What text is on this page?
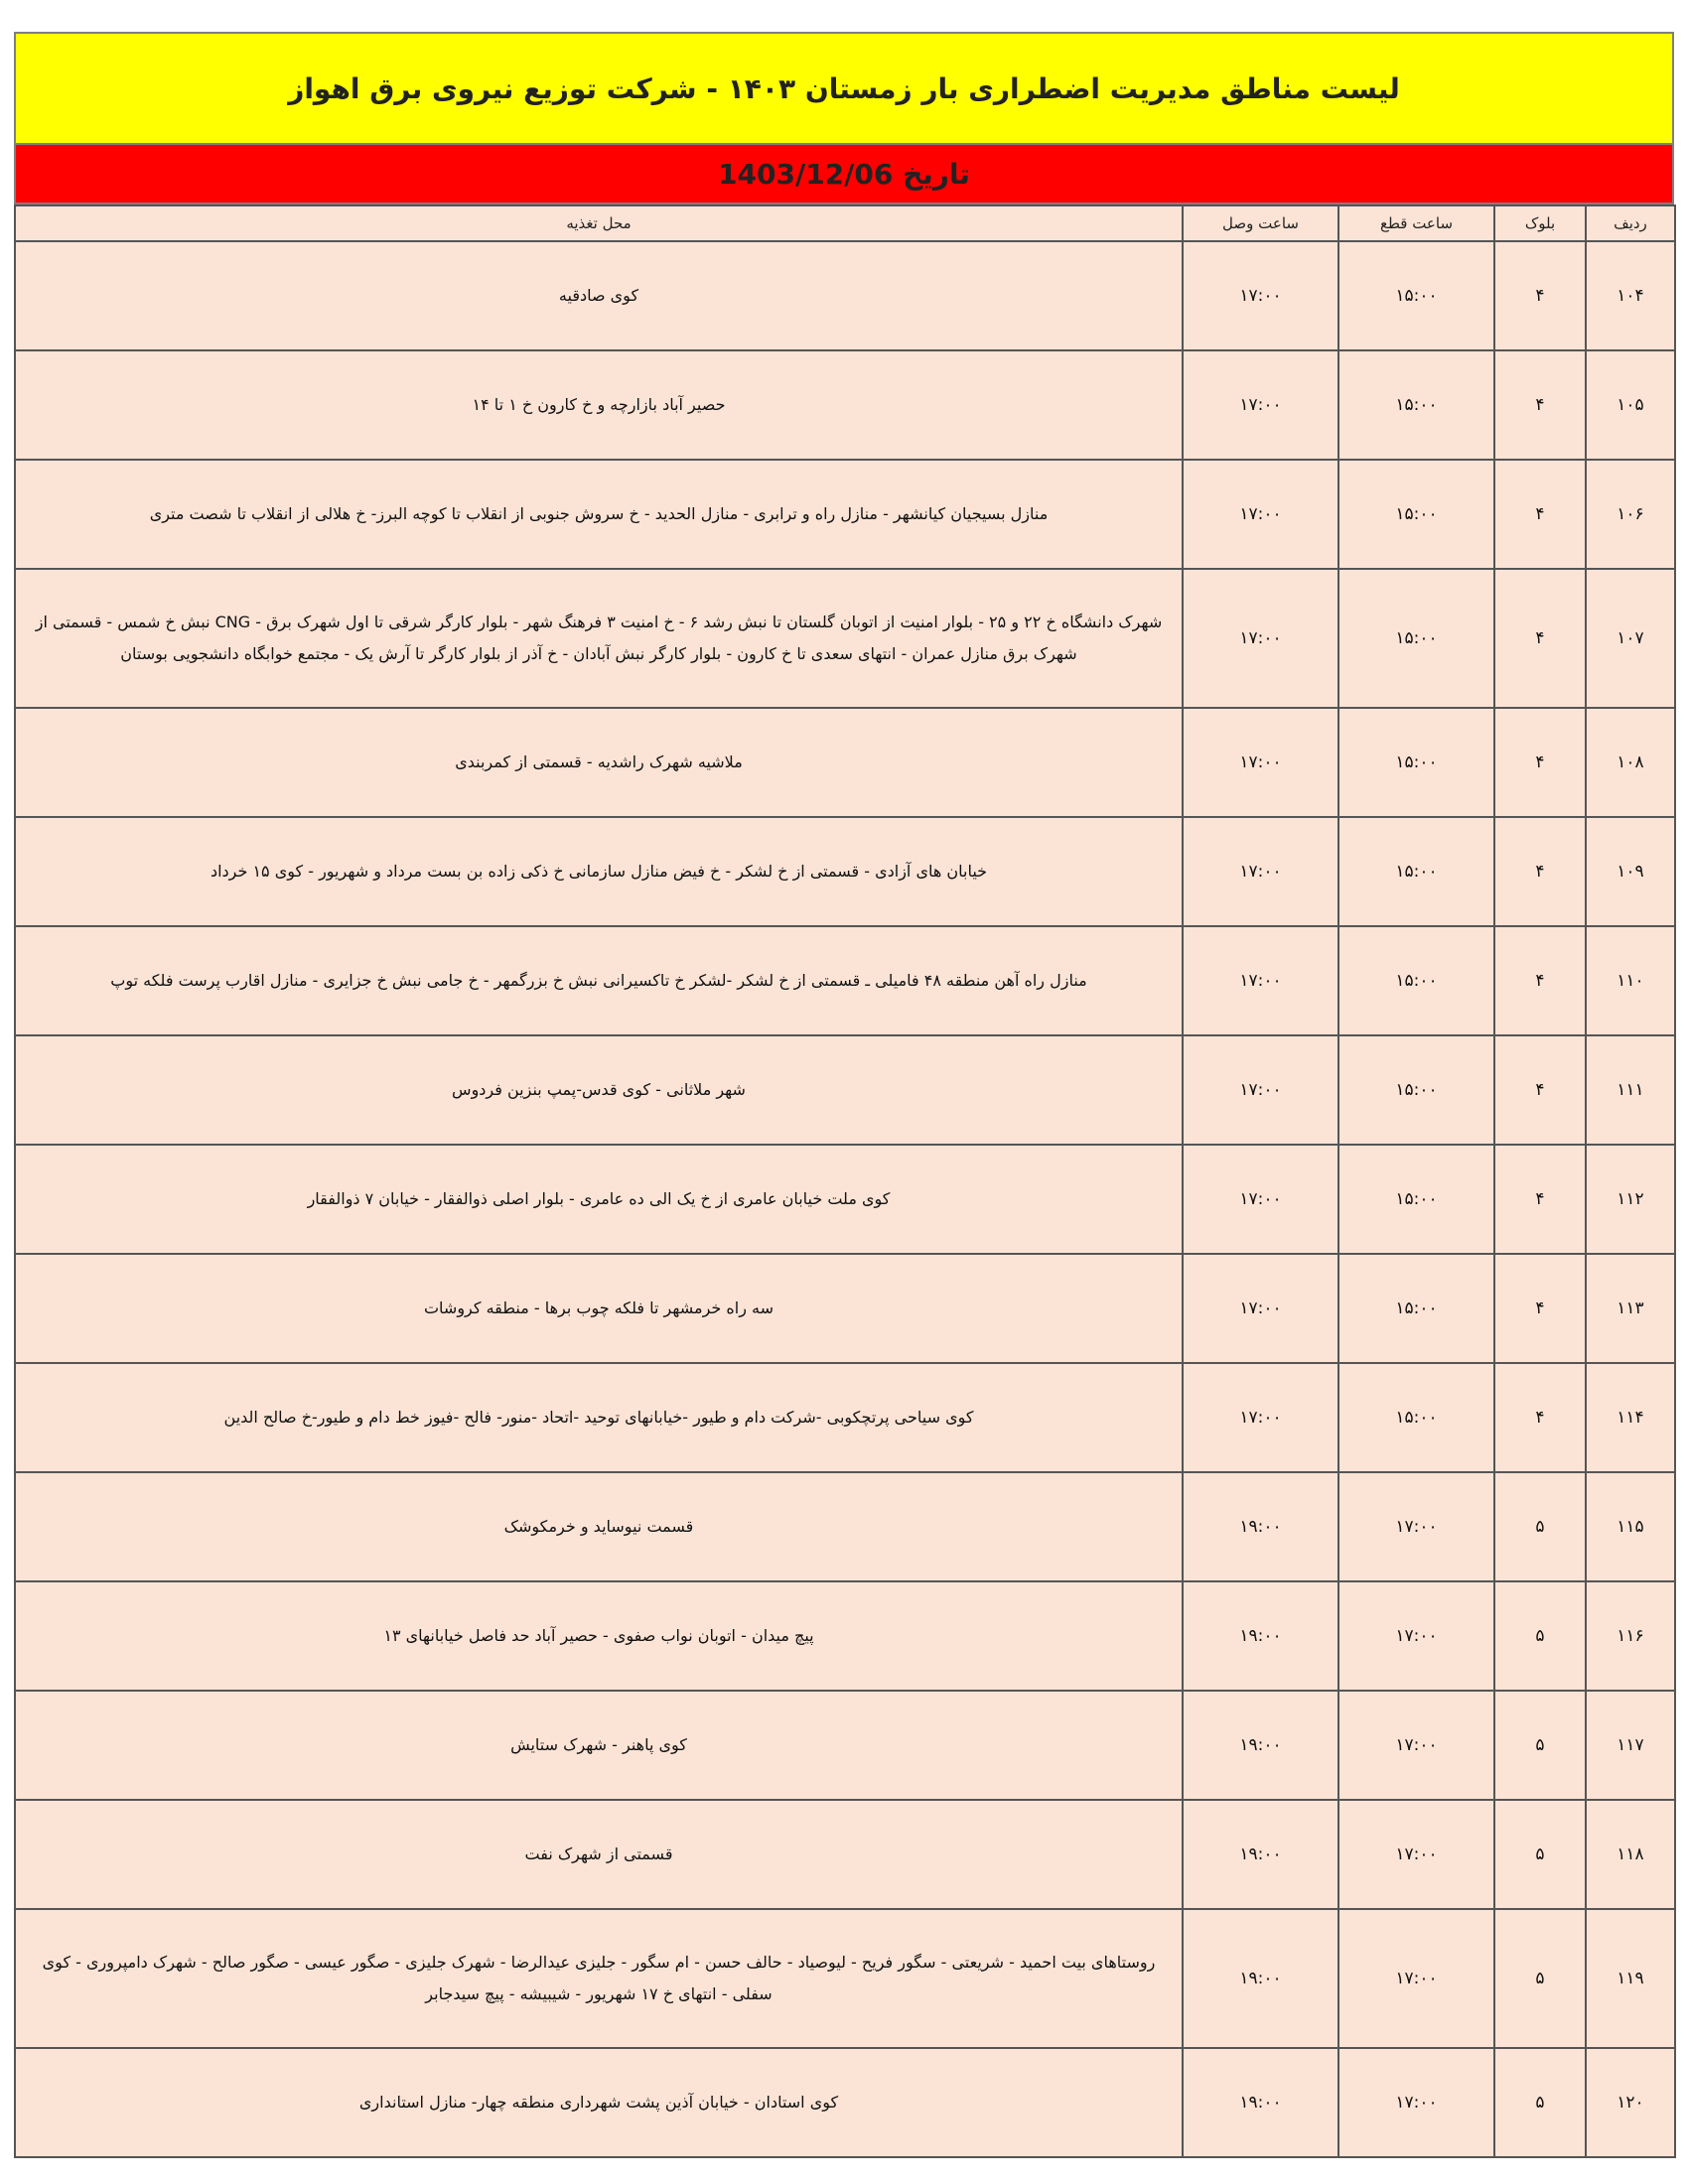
لیست مناطق مدیریت اضطراری بار زمستان ۱۴۰۳ - شرکت توزیع نیروی برق اهواز
تاریخ 1403/12/06
ردیف	بلوک	ساعت قطع	ساعت وصل	محل تغذیه
۱۰۴	۴	۱۵:۰۰	۱۷:۰۰	کوی صادقیه
۱۰۵	۴	۱۵:۰۰	۱۷:۰۰	حصیر آباد بازارچه و خ کارون خ ۱ تا ۱۴
۱۰۶	۴	۱۵:۰۰	۱۷:۰۰	منازل بسیجیان کیانشهر - منازل راه و ترابری - منازل الحدید - خ سروش جنوبی از انقلاب تا کوچه البرز- خ هلالی از انقلاب تا شصت متری
۱۰۷	۴	۱۵:۰۰	۱۷:۰۰	شهرک دانشگاه خ ۲۲ و ۲۵ - بلوار امنیت از اتوبان گلستان تا نبش رشد ۶ - خ امنیت ۳ فرهنگ شهر - بلوار کارگر شرقی تا اول شهرک برق - CNG نبش خ شمس - قسمتی از شهرک برق منازل عمران - انتهای سعدی تا خ کارون - بلوار کارگر نبش آبادان - خ آذر از بلوار کارگر تا آرش یک - مجتمع خوابگاه دانشجویی بوستان
۱۰۸	۴	۱۵:۰۰	۱۷:۰۰	ملاشیه شهرک راشدیه - قسمتی از کمربندی
۱۰۹	۴	۱۵:۰۰	۱۷:۰۰	خیابان های آزادی - قسمتی از خ لشکر - خ فیض منازل سازمانی خ ذکی زاده بن بست مرداد و شهریور - کوی ۱۵ خرداد
۱۱۰	۴	۱۵:۰۰	۱۷:۰۰	منازل راه آهن منطقه ۴۸ فامیلی ـ قسمتی از خ لشکر -لشکر خ تاکسیرانی نبش خ بزرگمهر - خ جامی نبش خ جزایری - منازل اقارب پرست فلکه توپ
۱۱۱	۴	۱۵:۰۰	۱۷:۰۰	شهر ملاثانی - کوی قدس-پمپ بنزین فردوس
۱۱۲	۴	۱۵:۰۰	۱۷:۰۰	کوی ملت خیابان عامری از خ یک الی ده عامری - بلوار اصلی ذوالفقار - خیابان ۷ ذوالفقار
۱۱۳	۴	۱۵:۰۰	۱۷:۰۰	سه راه خرمشهر تا فلکه چوب برها - منطقه کروشات
۱۱۴	۴	۱۵:۰۰	۱۷:۰۰	کوی سیاحی پرتچکوبی -شرکت دام و طیور -خیابانهای توحید -اتحاد -منور- فالح -فیوز خط دام و طیور-خ صالح الدین
۱۱۵	۵	۱۷:۰۰	۱۹:۰۰	قسمت نیوساید و خرمکوشک
۱۱۶	۵	۱۷:۰۰	۱۹:۰۰	پیچ میدان - اتوبان نواب صفوی - حصیر آباد حد فاصل خیابانهای ۱۳
۱۱۷	۵	۱۷:۰۰	۱۹:۰۰	کوی پاهنر - شهرک ستایش
۱۱۸	۵	۱۷:۰۰	۱۹:۰۰	قسمتی از شهرک نفت
۱۱۹	۵	۱۷:۰۰	۱۹:۰۰	روستاهای بیت احمید - شریعتی - سگور فریح - لیوصیاد - حالف حسن - ام سگور - جلیزی عیدالرضا - شهرک جلیزی - صگور عیسی - صگور صالح - شهرک دامپروری - کوی سفلی - انتهای خ ۱۷ شهریور - شیبیشه - پیچ سیدجابر
۱۲۰	۵	۱۷:۰۰	۱۹:۰۰	کوی استادان - خیابان آذین پشت شهرداری منطقه چهار- منازل استانداری
